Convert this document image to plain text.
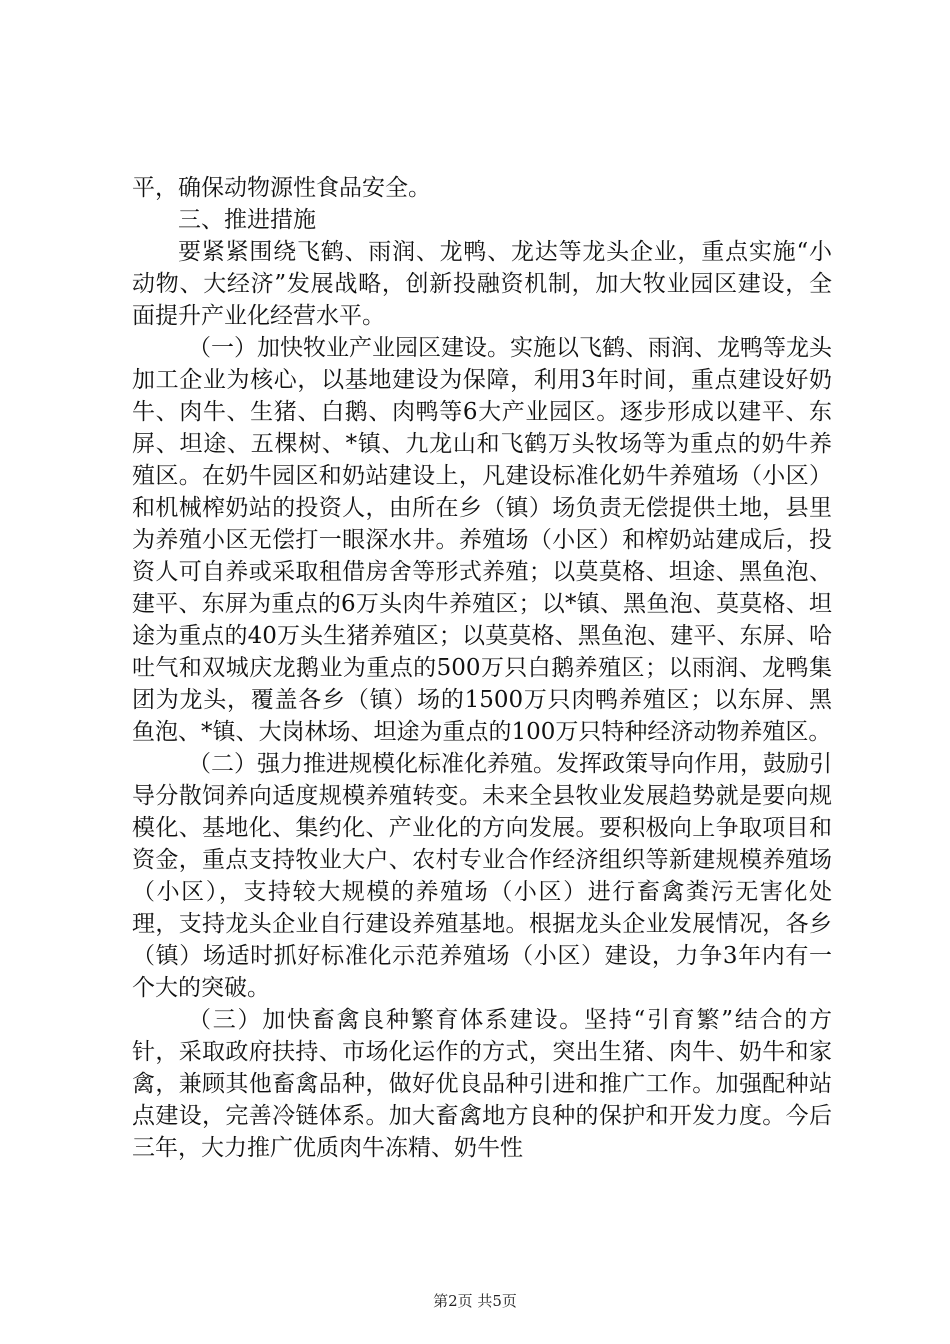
平，确保动物源性食品安全。

三、推进措施

要紧紧围绕飞鹤、雨润、龙鸭、龙达等龙头企业，重点实施“小动物、大经济”发展战略，创新投融资机制，加大牧业园区建设，全面提升产业化经营水平。

（一）加快牧业产业园区建设。实施以飞鹤、雨润、龙鸭等龙头加工企业为核心，以基地建设为保障，利用3年时间，重点建设好奶牛、肉牛、生猪、白鹅、肉鸭等6大产业园区。逐步形成以建平、东屏、坦途、五棵树、*镇、九龙山和飞鹤万头牧场等为重点的奶牛养殖区。在奶牛园区和奶站建设上，凡建设标准化奶牛养殖场（小区）和机械榨奶站的投资人，由所在乡（镇）场负责无偿提供土地，县里为养殖小区无偿打一眼深水井。养殖场（小区）和榨奶站建成后，投资人可自养或采取租借房舍等形式养殖；以莫莫格、坦途、黑鱼泡、建平、东屏为重点的6万头肉牛养殖区；以*镇、黑鱼泡、莫莫格、坦途为重点的40万头生猪养殖区；以莫莫格、黑鱼泡、建平、东屏、哈吐气和双城庆龙鹅业为重点的500万只白鹅养殖区；以雨润、龙鸭集团为龙头，覆盖各乡（镇）场的1500万只肉鸭养殖区；以东屏、黑鱼泡、*镇、大岗林场、坦途为重点的100万只特种经济动物养殖区。

（二）强力推进规模化标准化养殖。发挥政策导向作用，鼓励引导分散饲养向适度规模养殖转变。未来全县牧业发展趋势就是要向规模化、基地化、集约化、产业化的方向发展。要积极向上争取项目和资金，重点支持牧业大户、农村专业合作经济组织等新建规模养殖场（小区），支持较大规模的养殖场（小区）进行畜禽粪污无害化处理，支持龙头企业自行建设养殖基地。根据龙头企业发展情况，各乡（镇）场适时抓好标准化示范养殖场（小区）建设，力争3年内有一个大的突破。

（三）加快畜禽良种繁育体系建设。坚持“引育繁”结合的方针，采取政府扶持、市场化运作的方式，突出生猪、肉牛、奶牛和家禽，兼顾其他畜禽品种，做好优良品种引进和推广工作。加强配种站点建设，完善冷链体系。加大畜禽地方良种的保护和开发力度。今后三年，大力推广优质肉牛冻精、奶牛性

第2页 共5页
